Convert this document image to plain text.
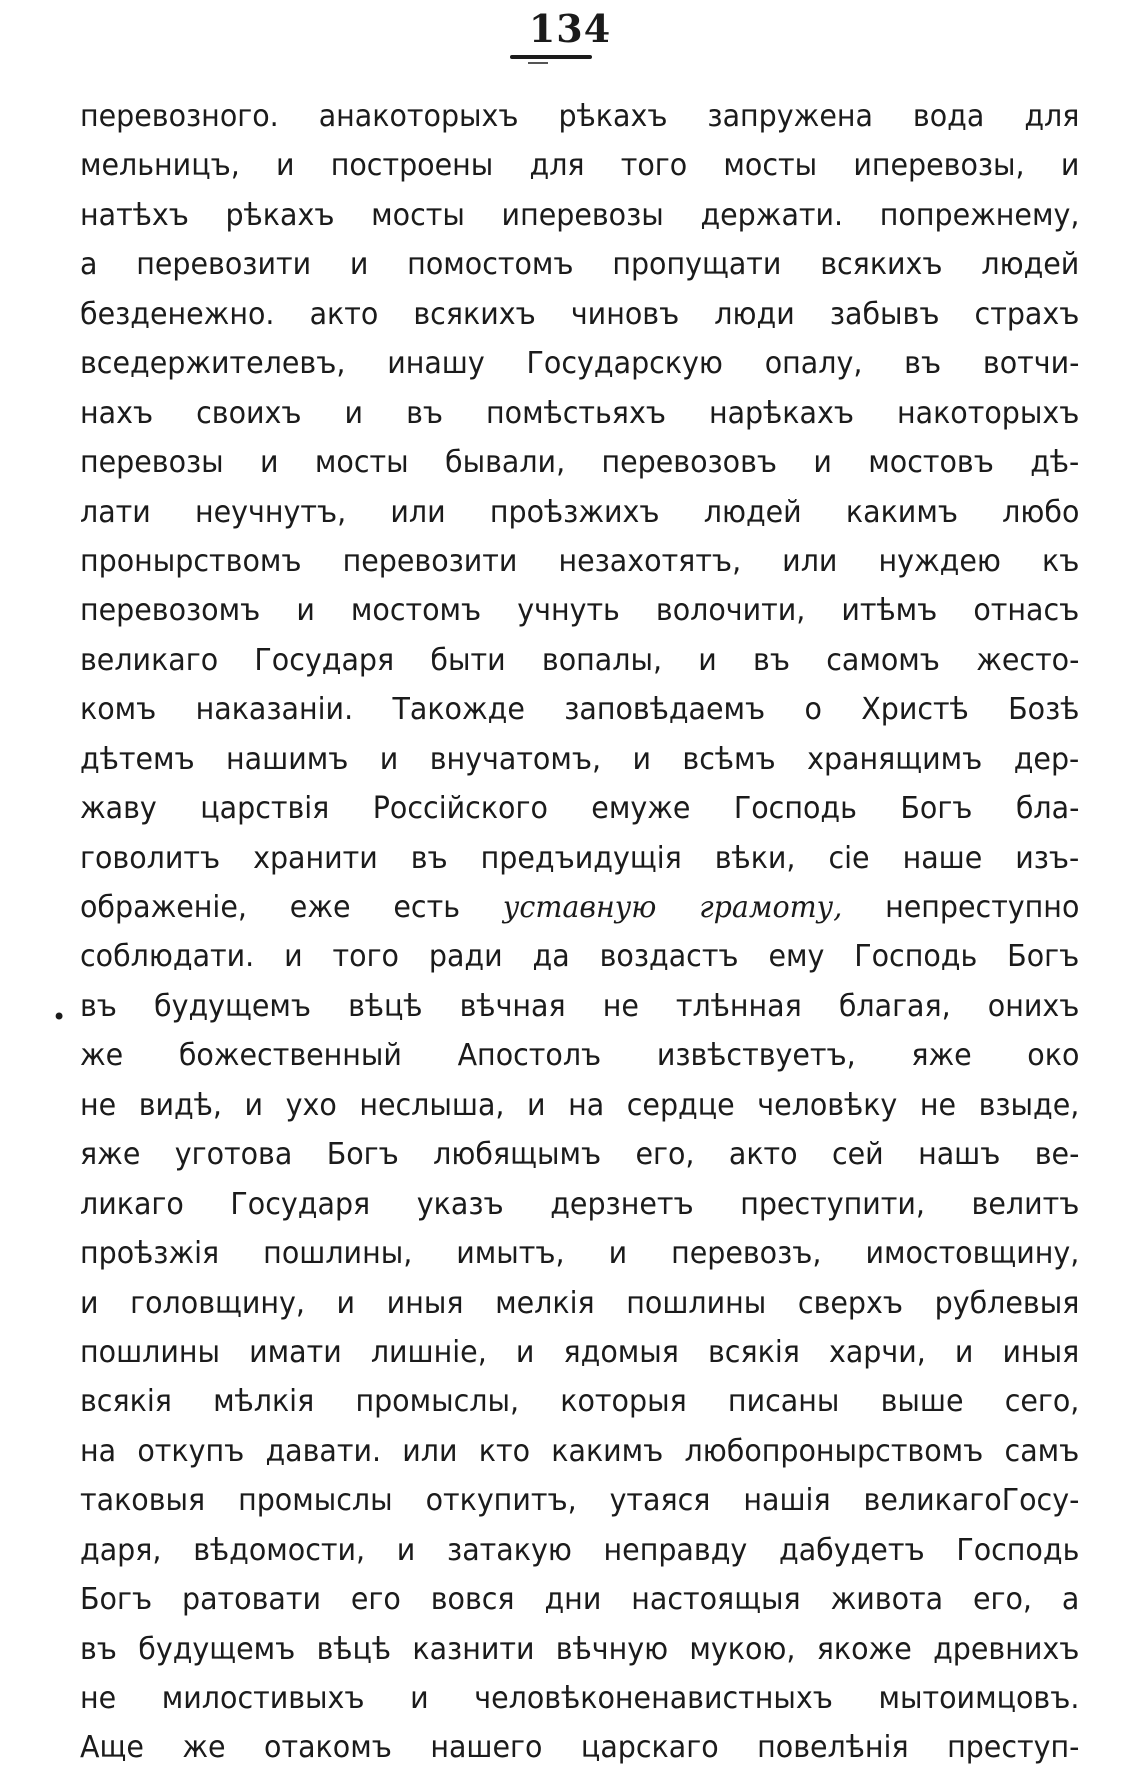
134
•
перевозного. анакоторыхъ рѣкахъ запружена вода для
мельницъ, и построены для того мосты иперевозы, и
натѣхъ рѣкахъ мосты иперевозы держати. попрежнему,
а перевозити и помостомъ пропущати всякихъ людей
безденежно. акто всякихъ чиновъ люди забывъ страхъ
вседержителевъ, инашу Государскую опалу, въ вотчи-
нахъ своихъ и въ помѣстьяхъ нарѣкахъ накоторыхъ
перевозы и мосты бывали, перевозовъ и мостовъ дѣ-
лати неучнутъ, или проѣзжихъ людей какимъ любо
пронырствомъ перевозити незахотятъ, или нуждею къ
перевозомъ и мостомъ учнуть волочити, итѣмъ отнасъ
великаго Государя быти вопалы, и въ самомъ жесто-
комъ наказаніи. Такожде заповѣдаемъ о Христѣ Бозѣ
дѣтемъ нашимъ и внучатомъ, и всѣмъ хранящимъ дер-
жаву царствія Россійского емуже Господь Богъ бла-
говолитъ хранити въ предъидущія вѣки, сіе наше изъ-
ображеніе, еже есть уставную грамоту, непреступно
соблюдати. и того ради да воздастъ ему Господь Богъ
въ будущемъ вѣцѣ вѣчная не тлѣнная благая, онихъ
же божественный Апостолъ извѣствуетъ, яже око
не видѣ, и ухо неслыша, и на сердце человѣку не взыде,
яже уготова Богъ любящымъ его, акто сей нашъ ве-
ликаго Государя указъ дерзнетъ преступити, велитъ
проѣзжія пошлины, имытъ, и перевозъ, имостовщину,
и головщину, и иныя мелкія пошлины сверхъ рублевыя
пошлины имати лишніе, и ядомыя всякія харчи, и иныя
всякія мѣлкія промыслы, которыя писаны выше сего,
на откупъ давати. или кто какимъ любопронырствомъ самъ
таковыя промыслы откупитъ, утаяся нашія великагоГосу-
даря, вѣдомости, и затакую неправду дабудетъ Господь
Богъ ратовати его вовся дни настоящыя живота его, а
въ будущемъ вѣцѣ казнити вѣчную мукою, якоже древнихъ
не милостивыхъ и человѣконенавистныхъ мытоимцовъ.
Аще же отакомъ нашего царскаго повелѣнія преступ-
